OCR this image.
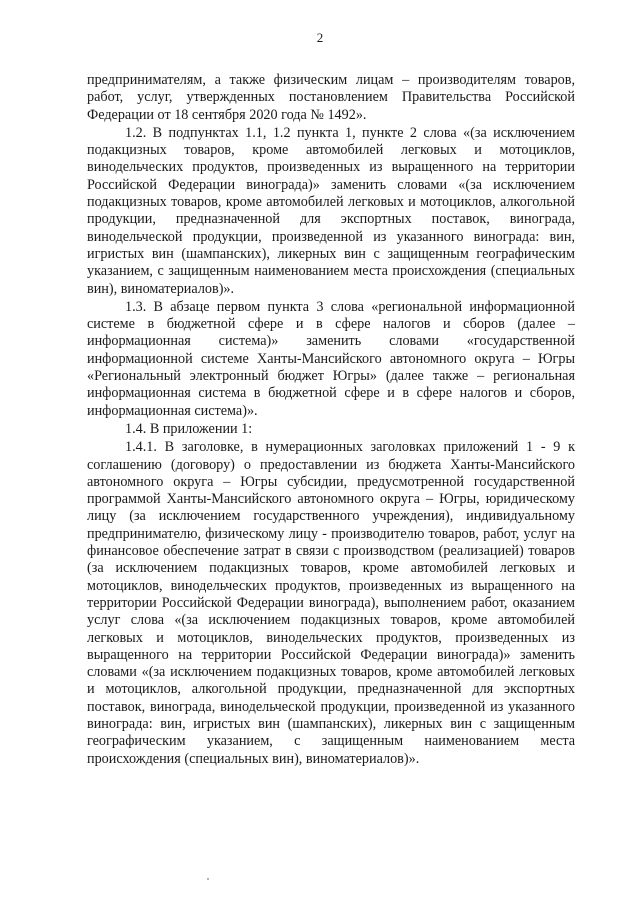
2

предпринимателям, а также физическим лицам – производителям товаров, работ, услуг, утвержденных постановлением Правительства Российской Федерации от 18 сентября 2020 года № 1492».

1.2. В подпунктах 1.1, 1.2 пункта 1, пункте 2 слова «(за исключением подакцизных товаров, кроме автомобилей легковых и мотоциклов, винодельческих продуктов, произведенных из выращенного на территории Российской Федерации винограда)» заменить словами «(за исключением подакцизных товаров, кроме автомобилей легковых и мотоциклов, алкогольной продукции, предназначенной для экспортных поставок, винограда, винодельческой продукции, произведенной из указанного винограда: вин, игристых вин (шампанских), ликерных вин с защищенным географическим указанием, с защищенным наименованием места происхождения (специальных вин), виноматериалов)».

1.3. В абзаце первом пункта 3 слова «региональной информационной системе в бюджетной сфере и в сфере налогов и сборов (далее – информационная система)» заменить словами «государственной информационной системе Ханты-Мансийского автономного округа – Югры «Региональный электронный бюджет Югры» (далее также – региональная информационная система в бюджетной сфере и в сфере налогов и сборов, информационная система)».

1.4. В приложении 1:

1.4.1. В заголовке, в нумерационных заголовках приложений 1 - 9 к соглашению (договору) о предоставлении из бюджета Ханты-Мансийского автономного округа – Югры субсидии, предусмотренной государственной программой Ханты-Мансийского автономного округа – Югры, юридическому лицу (за исключением государственного учреждения), индивидуальному предпринимателю, физическому лицу - производителю товаров, работ, услуг на финансовое обеспечение затрат в связи с производством (реализацией) товаров (за исключением подакцизных товаров, кроме автомобилей легковых и мотоциклов, винодельческих продуктов, произведенных из выращенного на территории Российской Федерации винограда), выполнением работ, оказанием услуг слова «(за исключением подакцизных товаров, кроме автомобилей легковых и мотоциклов, винодельческих продуктов, произведенных из выращенного на территории Российской Федерации винограда)» заменить словами «(за исключением подакцизных товаров, кроме автомобилей легковых и мотоциклов, алкогольной продукции, предназначенной для экспортных поставок, винограда, винодельческой продукции, произведенной из указанного винограда: вин, игристых вин (шампанских), ликерных вин с защищенным географическим указанием, с защищенным наименованием места происхождения (специальных вин), виноматериалов)».
